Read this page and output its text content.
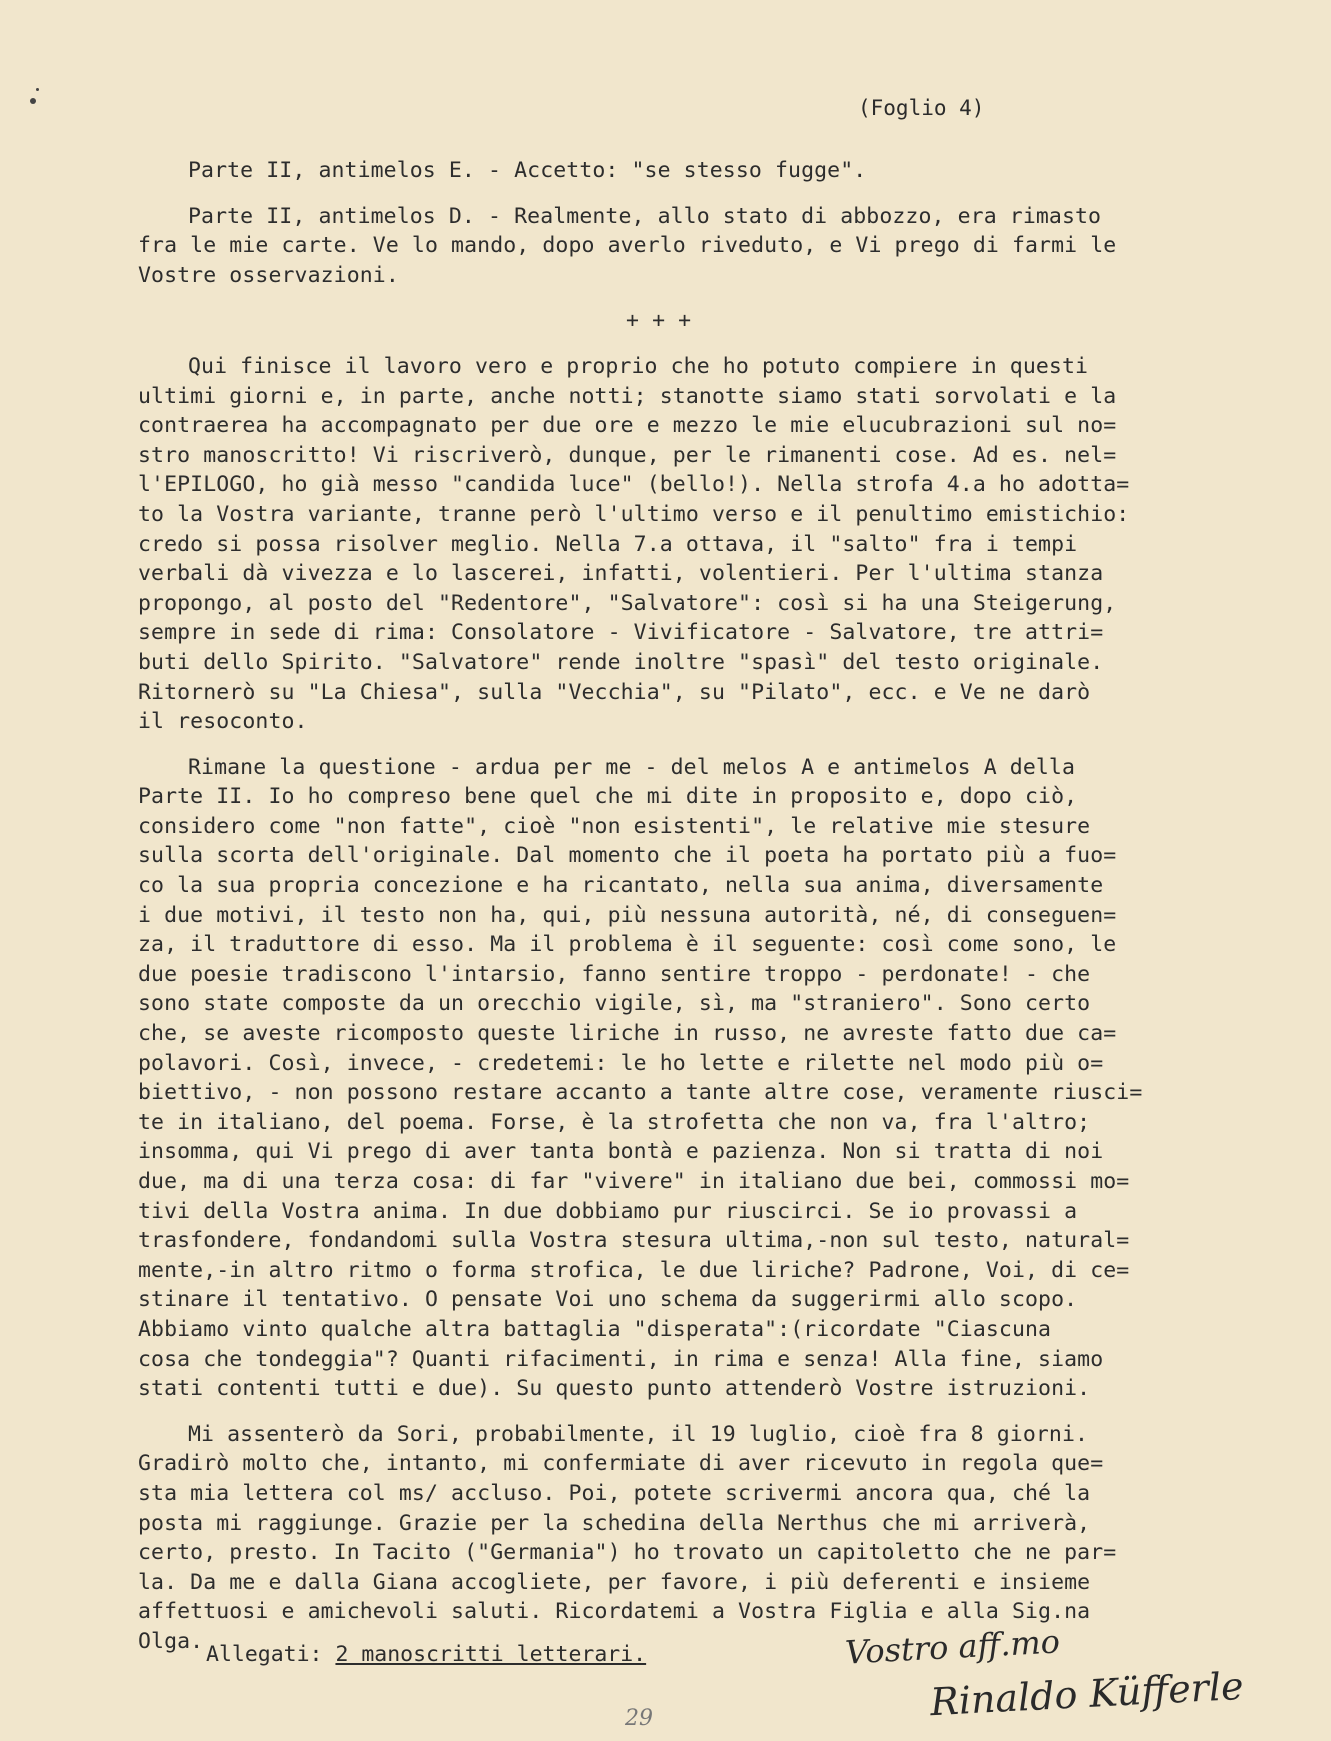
(Foglio 4)
Parte II, antimelos E. - Accetto: "se stesso fugge".
Parte II, antimelos D. - Realmente, allo stato di abbozzo, era rimasto
fra le mie carte. Ve lo mando, dopo averlo riveduto, e Vi prego di farmi le
Vostre osservazioni.
+ + +
Qui finisce il lavoro vero e proprio che ho potuto compiere in questi
ultimi giorni e, in parte, anche notti; stanotte siamo stati sorvolati e la
contraerea ha accompagnato per due ore e mezzo le mie elucubrazioni sul no=
stro manoscritto! Vi riscriverò, dunque, per le rimanenti cose. Ad es. nel=
l'EPILOGO, ho già messo "candida luce" (bello!). Nella strofa 4.a ho adotta=
to la Vostra variante, tranne però l'ultimo verso e il penultimo emistichio:
credo si possa risolver meglio. Nella 7.a ottava, il "salto" fra i tempi
verbali dà vivezza e lo lascerei, infatti, volentieri. Per l'ultima stanza
propongo, al posto del "Redentore", "Salvatore": così si ha una Steigerung,
sempre in sede di rima: Consolatore - Vivificatore - Salvatore, tre attri=
buti dello Spirito. "Salvatore" rende inoltre "spasì" del testo originale.
Ritornerò su "La Chiesa", sulla "Vecchia", su "Pilato", ecc. e Ve ne darò
il resoconto.
Rimane la questione - ardua per me - del melos A e antimelos A della
Parte II. Io ho compreso bene quel che mi dite in proposito e, dopo ciò,
considero come "non fatte", cioè "non esistenti", le relative mie stesure
sulla scorta dell'originale. Dal momento che il poeta ha portato più a fuo=
co la sua propria concezione e ha ricantato, nella sua anima, diversamente
i due motivi, il testo non ha, qui, più nessuna autorità, né, di conseguen=
za, il traduttore di esso. Ma il problema è il seguente: così come sono, le
due poesie tradiscono l'intarsio, fanno sentire troppo - perdonate! - che
sono state composte da un orecchio vigile, sì, ma "straniero". Sono certo
che, se aveste ricomposto queste liriche in russo, ne avreste fatto due ca=
polavori. Così, invece, - credetemi: le ho lette e rilette nel modo più o=
biettivo, - non possono restare accanto a tante altre cose, veramente riusci=
te in italiano, del poema. Forse, è la strofetta che non va, fra l'altro;
insomma, qui Vi prego di aver tanta bontà e pazienza. Non si tratta di noi
due, ma di una terza cosa: di far "vivere" in italiano due bei, commossi mo=
tivi della Vostra anima. In due dobbiamo pur riuscirci. Se io provassi a
trasfondere, fondandomi sulla Vostra stesura ultima,-non sul testo, natural=
mente,-in altro ritmo o forma strofica, le due liriche? Padrone, Voi, di ce=
stinare il tentativo. O pensate Voi uno schema da suggerirmi allo scopo.
Abbiamo vinto qualche altra battaglia "disperata":(ricordate "Ciascuna
cosa che tondeggia"? Quanti rifacimenti, in rima e senza! Alla fine, siamo
stati contenti tutti e due). Su questo punto attenderò Vostre istruzioni.
Mi assenterò da Sori, probabilmente, il 19 luglio, cioè fra 8 giorni.
Gradirò molto che, intanto, mi confermiate di aver ricevuto in regola que=
sta mia lettera col ms/ accluso. Poi, potete scrivermi ancora qua, ché la
posta mi raggiunge. Grazie per la schedina della Nerthus che mi arriverà,
certo, presto. In Tacito ("Germania") ho trovato un capitoletto che ne par=
la. Da me e dalla Giana accogliete, per favore, i più deferenti e insieme
affettuosi e amichevoli saluti. Ricordatemi a Vostra Figlia e alla Sig.na
Olga.
Allegati: 2 manoscritti letterari.	Vostro aff.mo
Rinaldo Küfferle
29
